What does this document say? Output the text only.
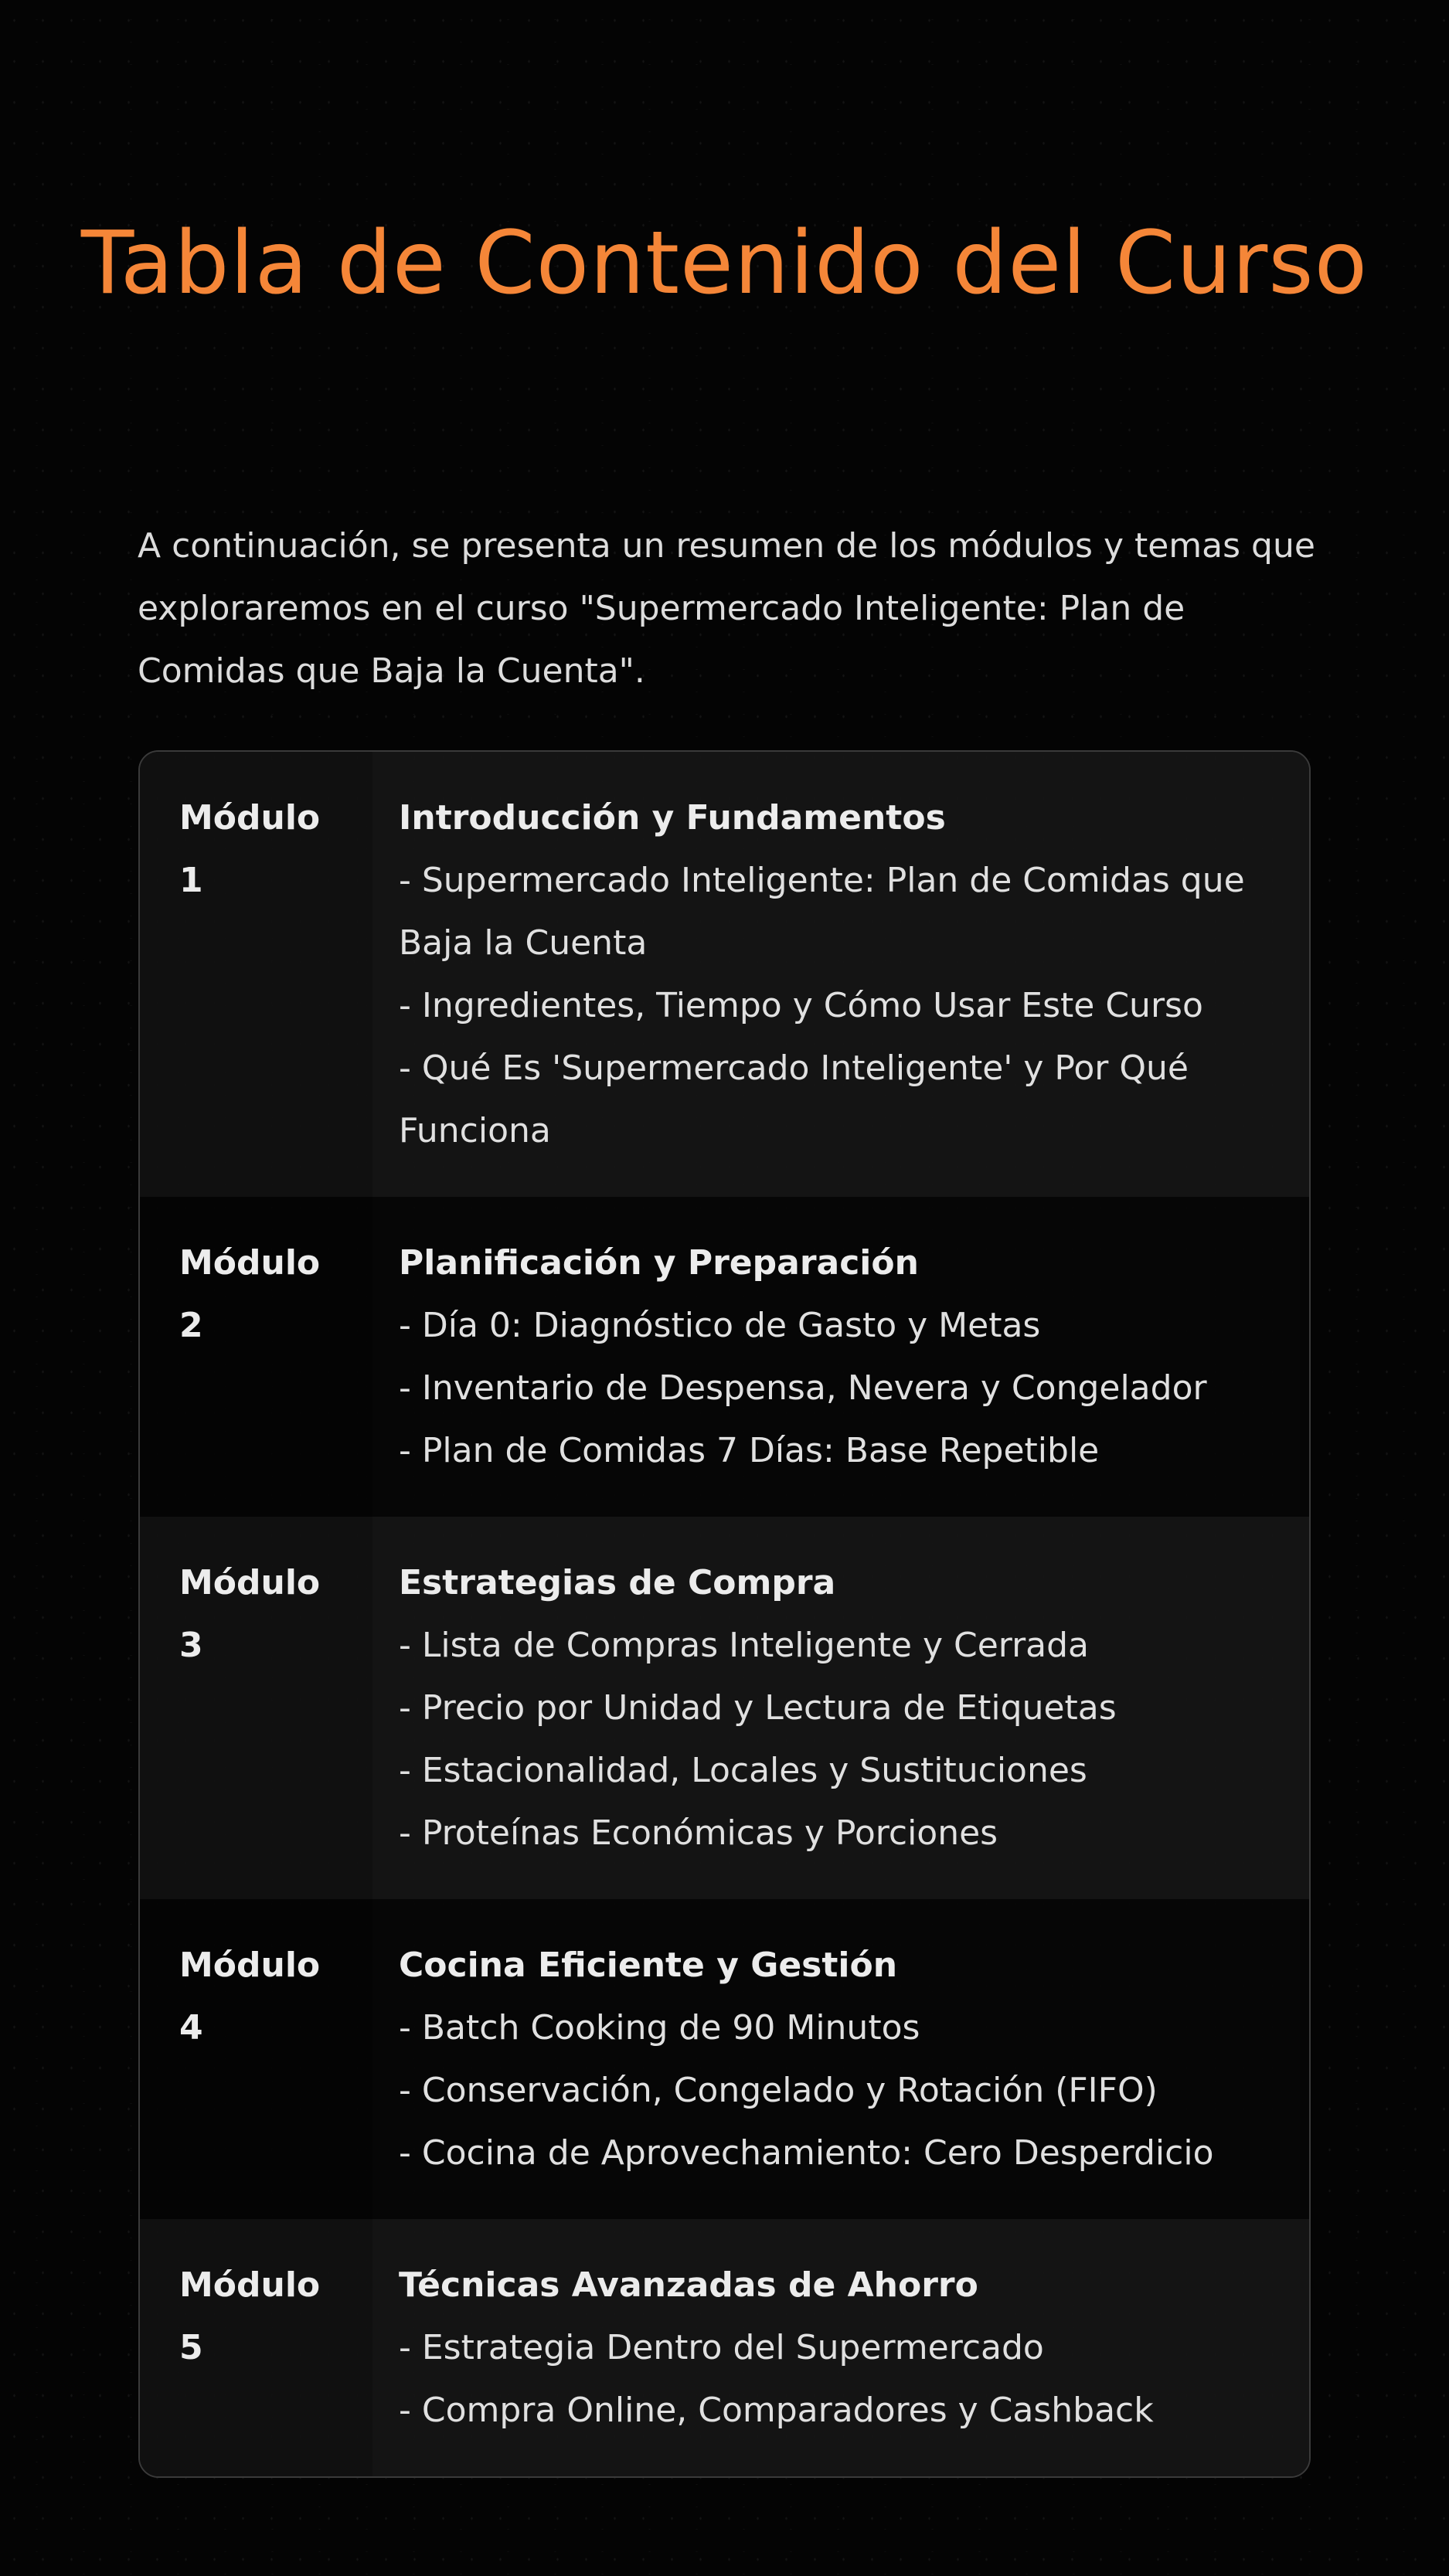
Tabla de Contenido del Curso

A continuación, se presenta un resumen de los módulos y temas que exploraremos en el curso "Supermercado Inteligente: Plan de Comidas que Baja la Cuenta".

Módulo 1
Introducción y Fundamentos
- Supermercado Inteligente: Plan de Comidas que Baja la Cuenta
- Ingredientes, Tiempo y Cómo Usar Este Curso
- Qué Es 'Supermercado Inteligente' y Por Qué Funciona
Módulo 2
Planificación y Preparación
- Día 0: Diagnóstico de Gasto y Metas
- Inventario de Despensa, Nevera y Congelador
- Plan de Comidas 7 Días: Base Repetible
Módulo 3
Estrategias de Compra
- Lista de Compras Inteligente y Cerrada
- Precio por Unidad y Lectura de Etiquetas
- Estacionalidad, Locales y Sustituciones
- Proteínas Económicas y Porciones
Módulo 4
Cocina Eficiente y Gestión
- Batch Cooking de 90 Minutos
- Conservación, Congelado y Rotación (FIFO)
- Cocina de Aprovechamiento: Cero Desperdicio
Módulo 5
Técnicas Avanzadas de Ahorro
- Estrategia Dentro del Supermercado
- Compra Online, Comparadores y Cashback
